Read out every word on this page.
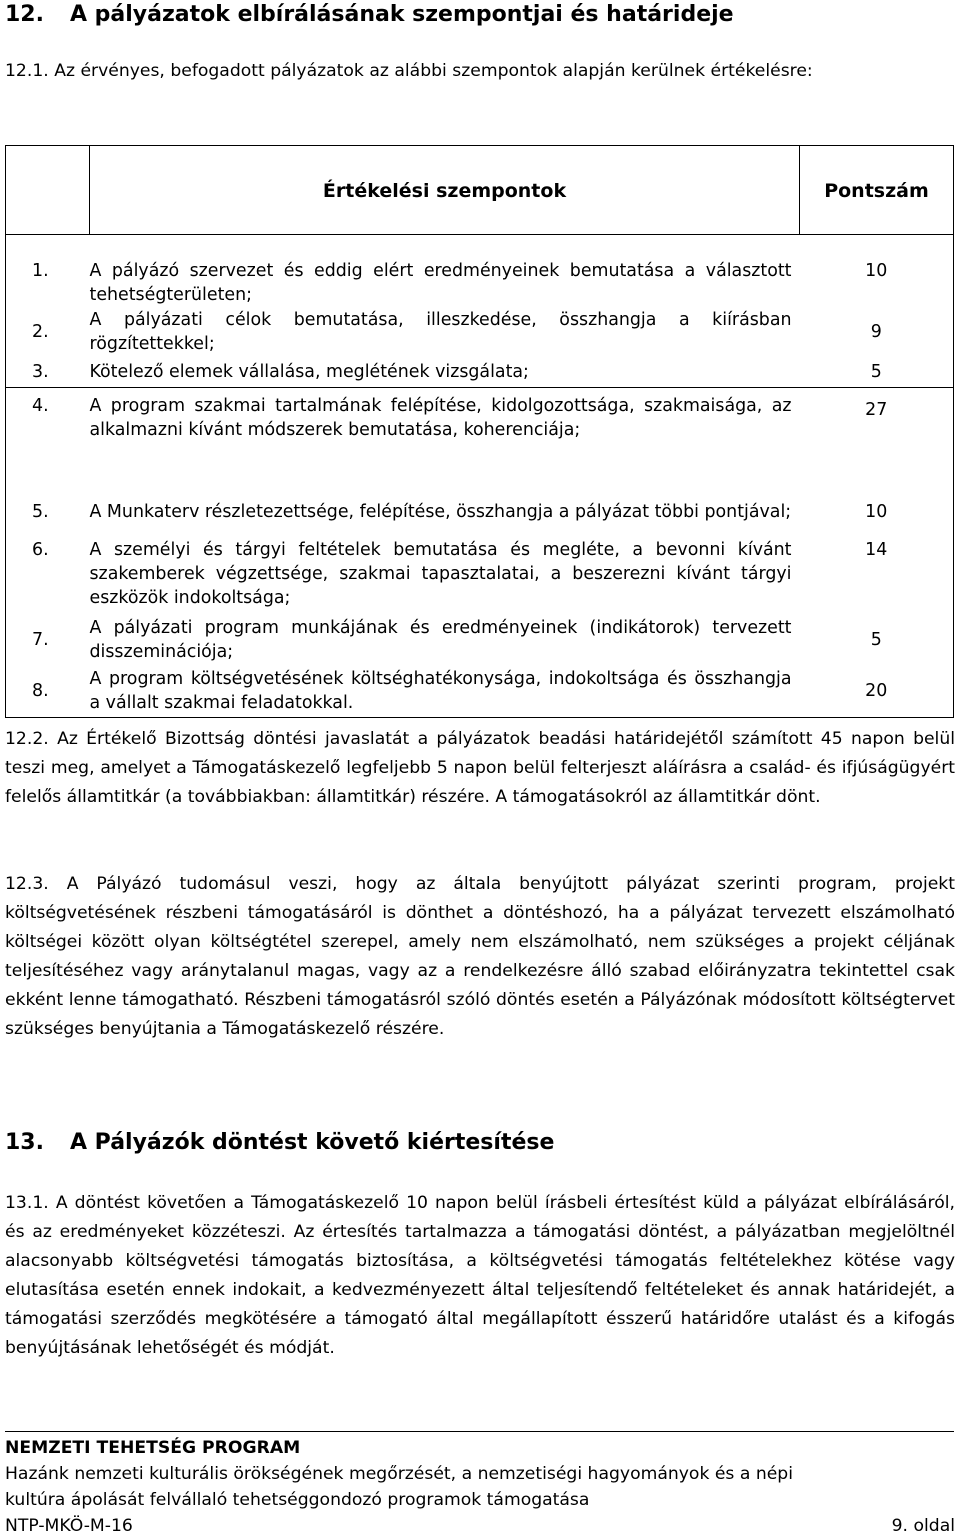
12. A pályázatok elbírálásának szempontjai és határideje
12.1. Az érvényes, befogadott pályázatok az alábbi szempontok alapján kerülnek értékelésre:
	Értékelési szempontok	Pontszám

1.	A pályázó szervezet és eddig elért eredményeinek bemutatása a választott tehetségterületen;	10
2.	A pályázati célok bemutatása, illeszkedése, összhangja a kiírásban rögzítettekkel;	9
3.	Kötelező elemek vállalása, meglétének vizsgálata;	5
4.	A program szakmai tartalmának felépítése, kidolgozottsága, szakmaisága, az alkalmazni kívánt módszerek bemutatása, koherenciája;	27
5.	A Munkaterv részletezettsége, felépítése, összhangja a pályázat többi pontjával;	10
6.	A személyi és tárgyi feltételek bemutatása és megléte, a bevonni kívánt szakemberek végzettsége, szakmai tapasztalatai, a beszerezni kívánt tárgyi eszközök indokoltsága;	14
7.	A pályázati program munkájának és eredményeinek (indikátorok) tervezett disszeminációja;	5
8.	A program költségvetésének költséghatékonysága, indokoltsága és összhangja a vállalt szakmai feladatokkal.	20
12.2. Az Értékelő Bizottság döntési javaslatát a pályázatok beadási határidejétől számított 45 napon belül teszi meg, amelyet a Támogatáskezelő legfeljebb 5 napon belül felterjeszt aláírásra a család- és ifjúságügyért felelős államtitkár (a továbbiakban: államtitkár) részére. A támogatásokról az államtitkár dönt.
12.3. A Pályázó tudomásul veszi, hogy az általa benyújtott pályázat szerinti program, projekt költségvetésének részbeni támogatásáról is dönthet a döntéshozó, ha a pályázat tervezett elszámolható költségei között olyan költségtétel szerepel, amely nem elszámolható, nem szükséges a projekt céljának teljesítéséhez vagy aránytalanul magas, vagy az a rendelkezésre álló szabad előirányzatra tekintettel csak ekként lenne támogatható. Részbeni támogatásról szóló döntés esetén a Pályázónak módosított költségtervet szükséges benyújtania a Támogatáskezelő részére.
13. A Pályázók döntést követő kiértesítése
13.1. A döntést követően a Támogatáskezelő 10 napon belül írásbeli értesítést küld a pályázat elbírálásáról, és az eredményeket közzéteszi. Az értesítés tartalmazza a támogatási döntést, a pályázatban megjelöltnél alacsonyabb költségvetési támogatás biztosítása, a költségvetési támogatás feltételekhez kötése vagy elutasítása esetén ennek indokait, a kedvezményezett által teljesítendő feltételeket és annak határidejét, a támogatási szerződés megkötésére a támogató által megállapított ésszerű határidőre utalást és a kifogás benyújtásának lehetőségét és módját.
NEMZETI TEHETSÉG PROGRAM
Hazánk nemzeti kulturális örökségének megőrzését, a nemzetiségi hagyományok és a népi
kultúra ápolását felvállaló tehetséggondozó programok támogatása
NTP-MKÖ-M-16	9. oldal
